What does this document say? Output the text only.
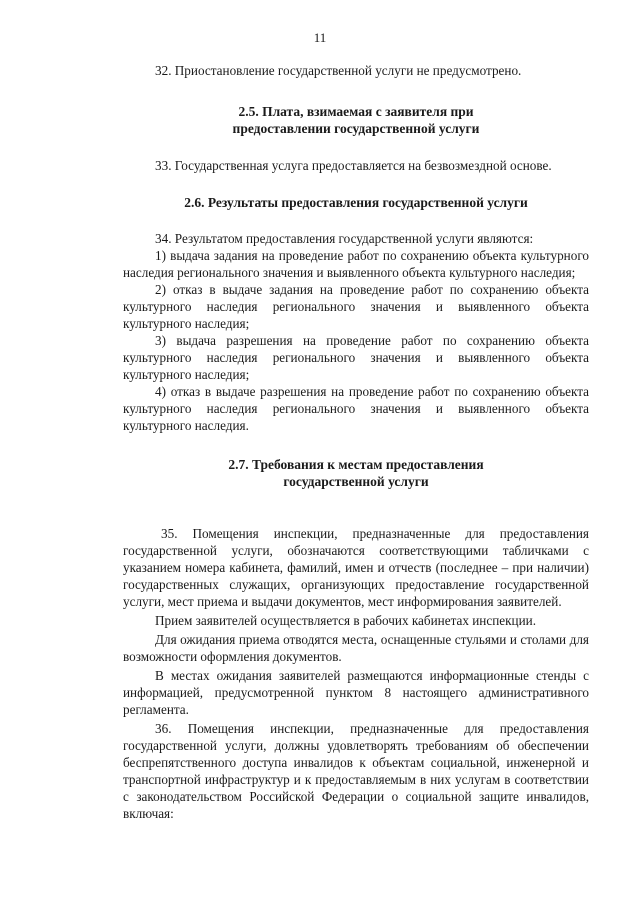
11

32. Приостановление государственной услуги не предусмотрено.

2.5. Плата, взимаемая с заявителя при
предоставлении государственной услуги

33. Государственная услуга предоставляется на безвозмездной основе.

2.6. Результаты предоставления государственной услуги

34. Результатом предоставления государственной услуги являются:

1) выдача задания на проведение работ по сохранению объекта культурного наследия регионального значения и выявленного объекта культурного наследия;

2) отказ в выдаче задания на проведение работ по сохранению объекта культурного наследия регионального значения и выявленного объекта культурного наследия;

3) выдача разрешения на проведение работ по сохранению объекта культурного наследия регионального значения и выявленного объекта культурного наследия;

4) отказ в выдаче разрешения на проведение работ по сохранению объекта культурного наследия регионального значения и выявленного объекта культурного наследия.

2.7. Требования к местам предоставления
государственной услуги

35. Помещения инспекции, предназначенные для предоставления государственной услуги, обозначаются соответствующими табличками с указанием номера кабинета, фамилий, имен и отчеств (последнее – при наличии) государственных служащих, организующих предоставление государственной услуги, мест приема и выдачи документов, мест информирования заявителей.

Прием заявителей осуществляется в рабочих кабинетах инспекции.

Для ожидания приема отводятся места, оснащенные стульями и столами для возможности оформления документов.

В местах ожидания заявителей размещаются информационные стенды с информацией, предусмотренной пунктом 8 настоящего административного регламента.

36. Помещения инспекции, предназначенные для предоставления государственной услуги, должны удовлетворять требованиям об обеспечении беспрепятственного доступа инвалидов к объектам социальной, инженерной и транспортной инфраструктур и к предоставляемым в них услугам в соответствии с законодательством Российской Федерации о социальной защите инвалидов, включая:
